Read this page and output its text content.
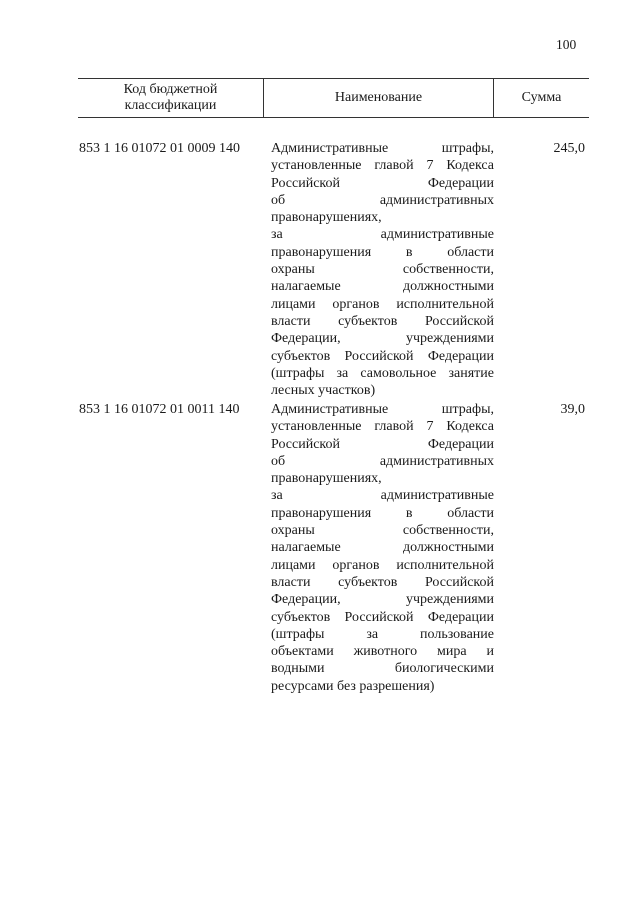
100
Код бюджетной классификации
Наименование	Сумма
853 1 16 01072 01 0009 140 Административные штрафы,
установленные главой 7 Кодекса
Российской Федерации
об административных
правонарушениях,
за административные
правонарушения в области
охраны собственности,
налагаемые должностными
лицами органов исполнительной
власти субъектов Российской
Федерации, учреждениями
субъектов Российской Федерации
(штрафы за самовольное занятие
лесных участков)
245,0
853 1 16 01072 01 0011 140 Административные штрафы,
установленные главой 7 Кодекса
Российской Федерации
об административных
правонарушениях,
за административные
правонарушения в области
охраны собственности,
налагаемые должностными
лицами органов исполнительной
власти субъектов Российской
Федерации, учреждениями
субъектов Российской Федерации
(штрафы за пользование
объектами животного мира и
водными биологическими
ресурсами без разрешения)
39,0
